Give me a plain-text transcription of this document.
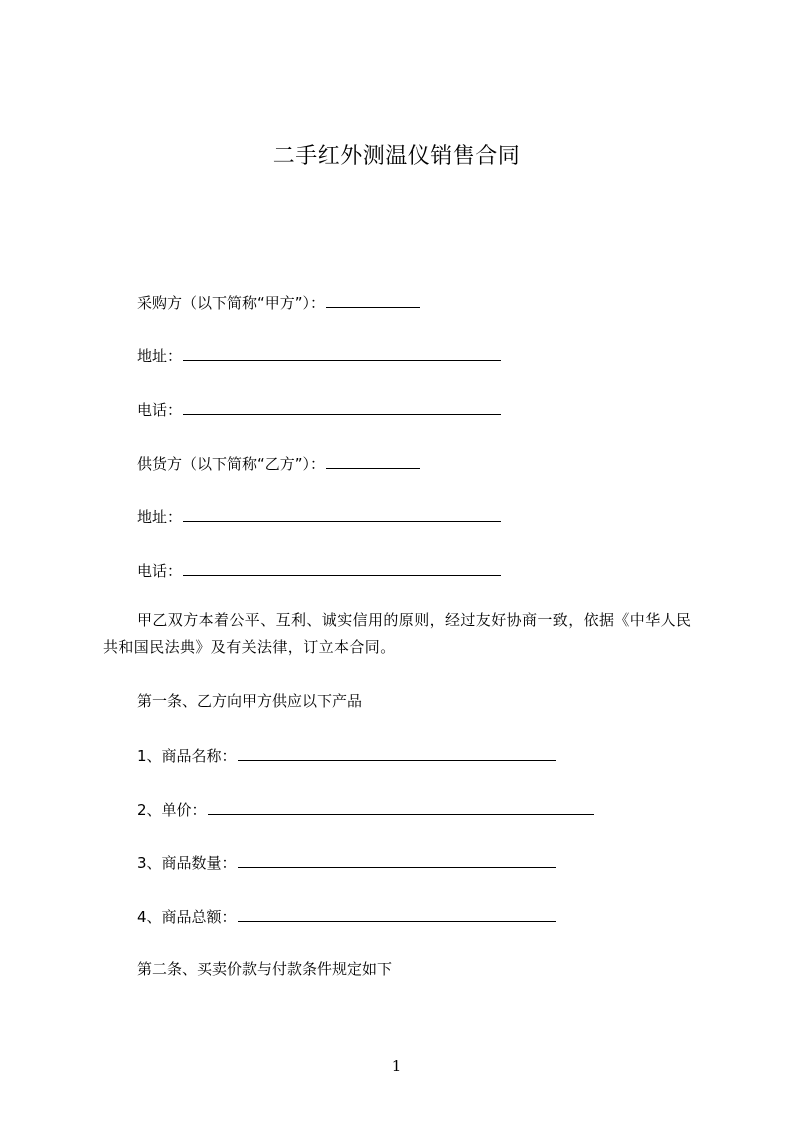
二手红外测温仪销售合同
采购方（以下简称“甲方”）：
地址：
电话：
供货方（以下简称“乙方”）：
地址：
电话：
甲乙双方本着公平、互利、诚实信用的原则，经过友好协商一致，依据《中华人民共和国民法典》及有关法律，订立本合同。
第一条、乙方向甲方供应以下产品
1、商品名称：
2、单价：
3、商品数量：
4、商品总额：
第二条、买卖价款与付款条件规定如下
1
